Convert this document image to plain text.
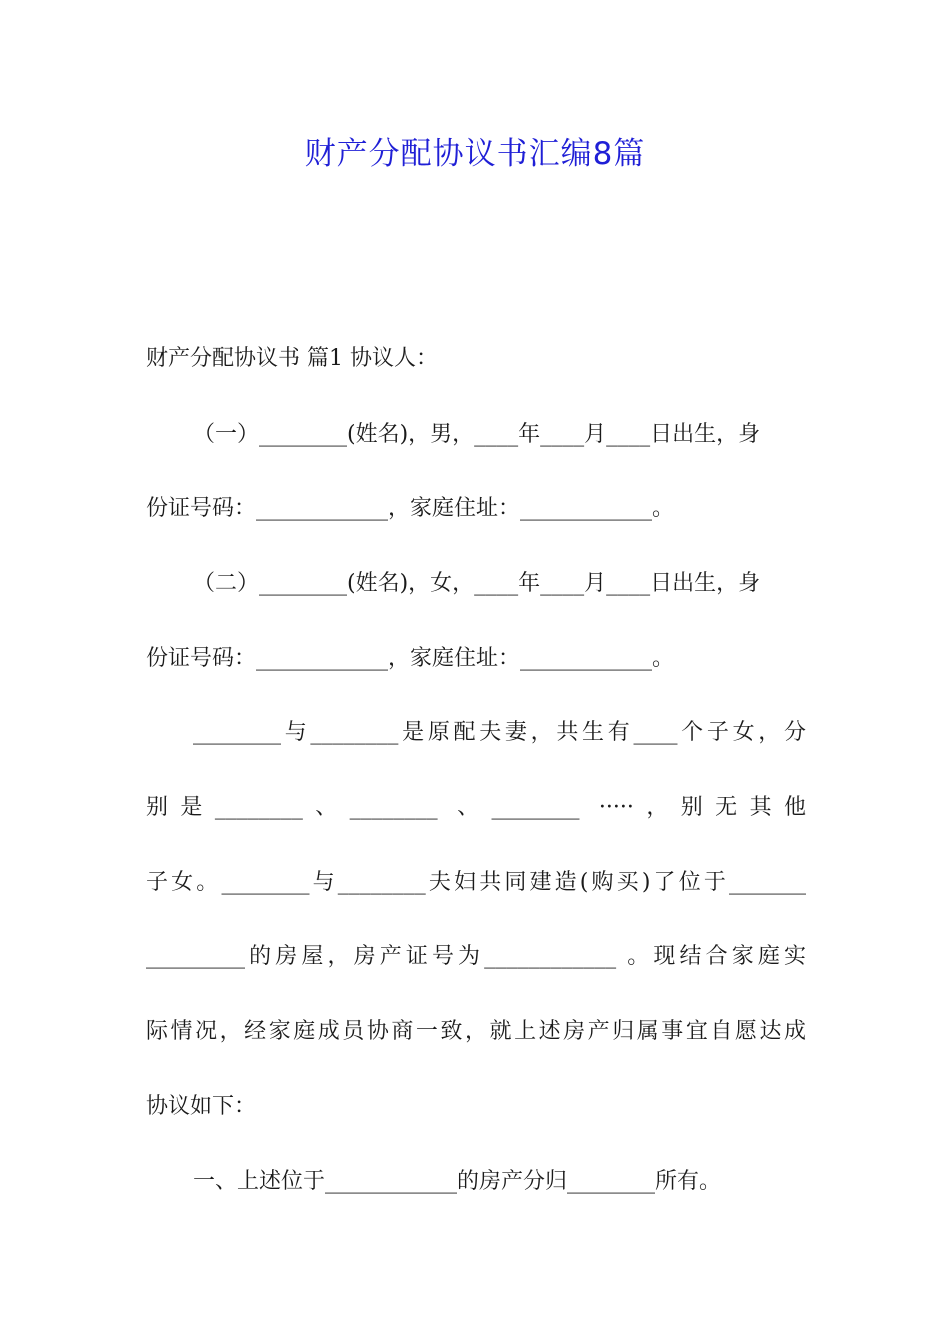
财产分配协议书汇编8篇

财产分配协议书 篇1 协议人：

（一）________(姓名)，男，____年____月____日出生，身

份证号码：____________，家庭住址：____________。

（二）________(姓名)，女，____年____月____日出生，身

份证号码：____________，家庭住址：____________。

________与________是原配夫妻，共生有____个子女，分

别是________、________ 、________ ·····，别无其他

子女。________与________夫妇共同建造(购买)了位于_______

_________的房屋，房产证号为____________ 。现结合家庭实

际情况，经家庭成员协商一致，就上述房产归属事宜自愿达成

协议如下：

一、上述位于____________的房产分归________所有。
